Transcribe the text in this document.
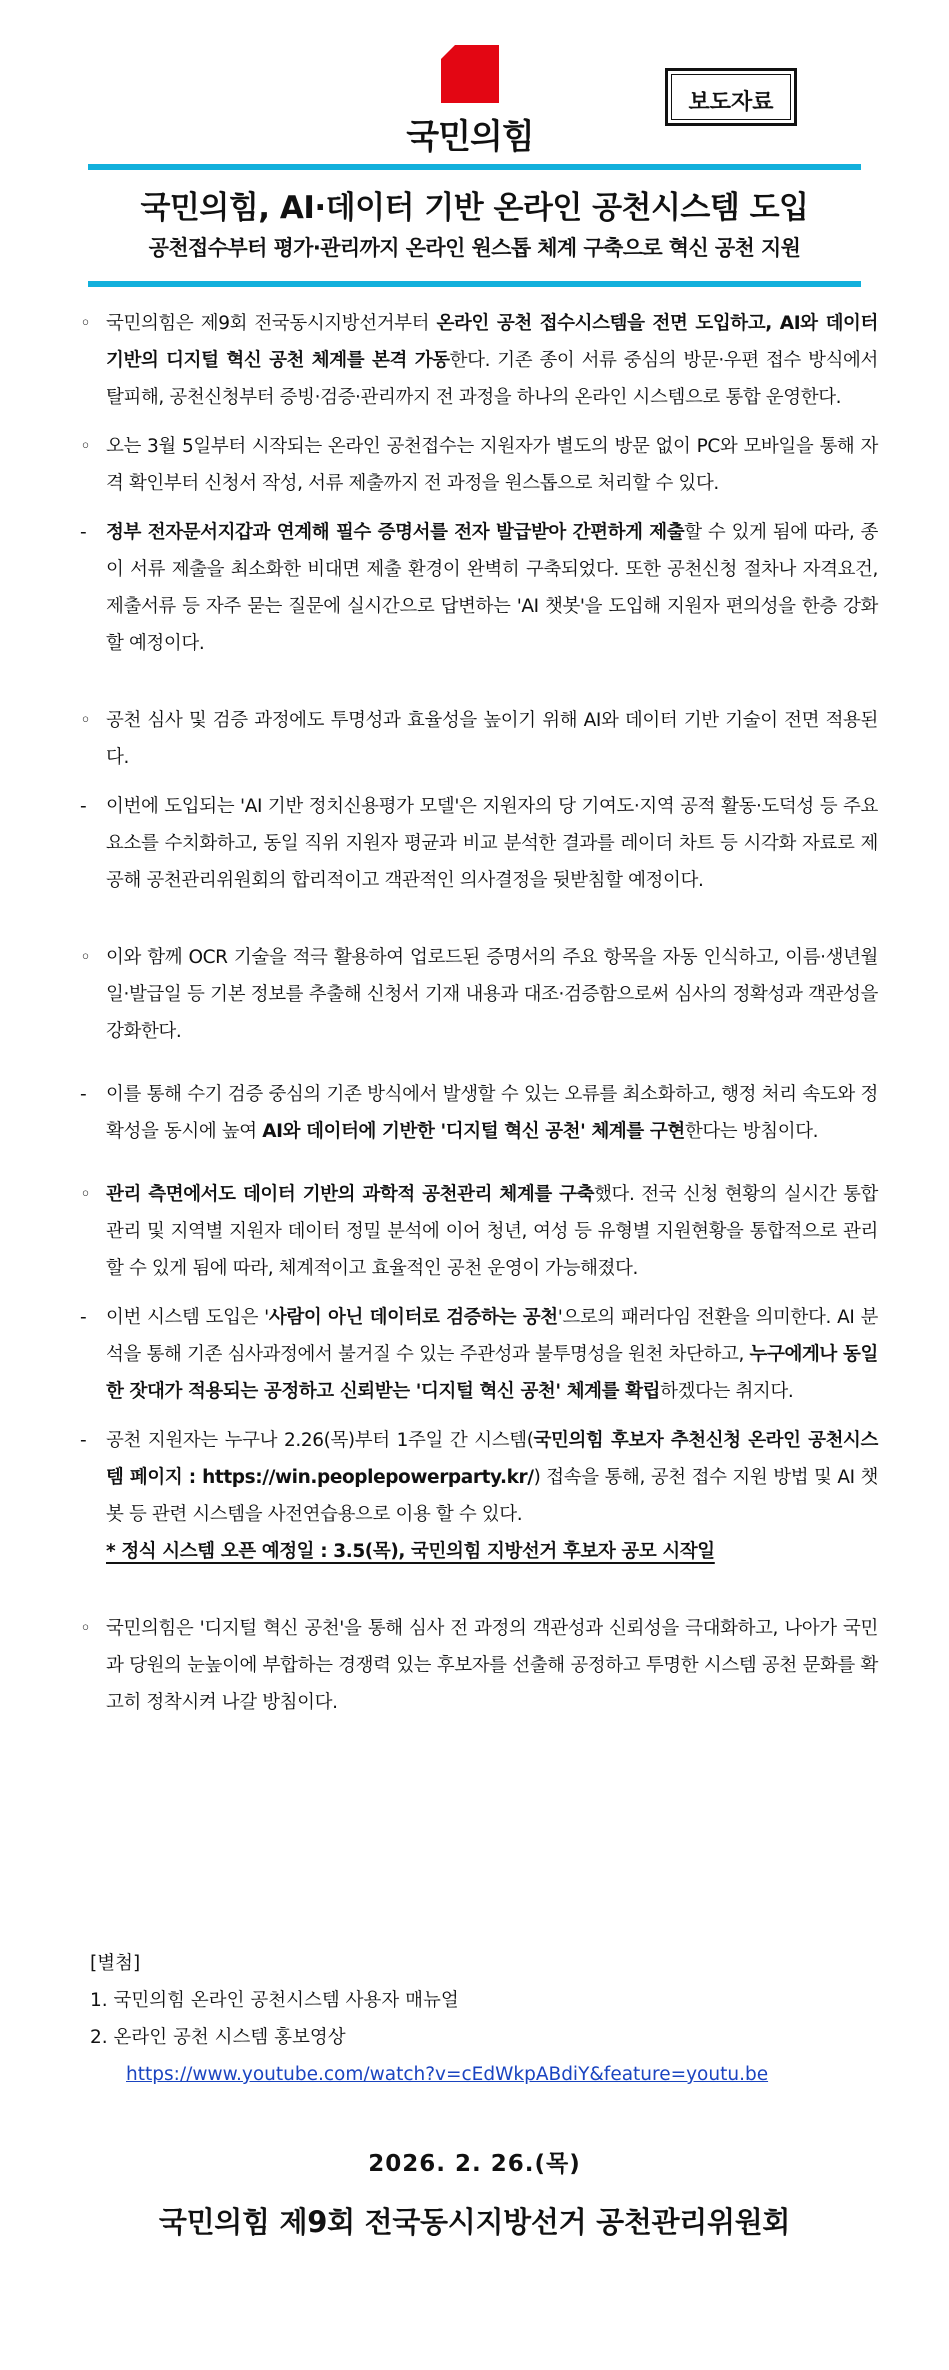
국민의힘
보도자료
국민의힘, AI·데이터 기반 온라인 공천시스템 도입
공천접수부터 평가·관리까지 온라인 원스톱 체계 구축으로 혁신 공천 지원
◦ 국민의힘은 제9회 전국동시지방선거부터 온라인 공천 접수시스템을 전면 도입하고, AI와 데이터 기반의 디지털 혁신 공천 체계를 본격 가동한다. 기존 종이 서류 중심의 방문·우편 접수 방식에서 탈피해, 공천신청부터 증빙·검증·관리까지 전 과정을 하나의 온라인 시스템으로 통합 운영한다.
◦ 오는 3월 5일부터 시작되는 온라인 공천접수는 지원자가 별도의 방문 없이 PC와 모바일을 통해 자격 확인부터 신청서 작성, 서류 제출까지 전 과정을 원스톱으로 처리할 수 있다.
- 정부 전자문서지갑과 연계해 필수 증명서를 전자 발급받아 간편하게 제출할 수 있게 됨에 따라, 종이 서류 제출을 최소화한 비대면 제출 환경이 완벽히 구축되었다. 또한 공천신청 절차나 자격요건, 제출서류 등 자주 묻는 질문에 실시간으로 답변하는 'AI 챗봇'을 도입해 지원자 편의성을 한층 강화할 예정이다.
◦ 공천 심사 및 검증 과정에도 투명성과 효율성을 높이기 위해 AI와 데이터 기반 기술이 전면 적용된다.
- 이번에 도입되는 'AI 기반 정치신용평가 모델'은 지원자의 당 기여도·지역 공적 활동·도덕성 등 주요 요소를 수치화하고, 동일 직위 지원자 평균과 비교 분석한 결과를 레이더 차트 등 시각화 자료로 제공해 공천관리위원회의 합리적이고 객관적인 의사결정을 뒷받침할 예정이다.
◦ 이와 함께 OCR 기술을 적극 활용하여 업로드된 증명서의 주요 항목을 자동 인식하고, 이름·생년월일·발급일 등 기본 정보를 추출해 신청서 기재 내용과 대조·검증함으로써 심사의 정확성과 객관성을 강화한다.
- 이를 통해 수기 검증 중심의 기존 방식에서 발생할 수 있는 오류를 최소화하고, 행정 처리 속도와 정확성을 동시에 높여 AI와 데이터에 기반한 '디지털 혁신 공천' 체계를 구현한다는 방침이다.
◦ 관리 측면에서도 데이터 기반의 과학적 공천관리 체계를 구축했다. 전국 신청 현황의 실시간 통합 관리 및 지역별 지원자 데이터 정밀 분석에 이어 청년, 여성 등 유형별 지원현황을 통합적으로 관리할 수 있게 됨에 따라, 체계적이고 효율적인 공천 운영이 가능해졌다.
- 이번 시스템 도입은 '사람이 아닌 데이터로 검증하는 공천'으로의 패러다임 전환을 의미한다. AI 분석을 통해 기존 심사과정에서 불거질 수 있는 주관성과 불투명성을 원천 차단하고, 누구에게나 동일한 잣대가 적용되는 공정하고 신뢰받는 '디지털 혁신 공천' 체계를 확립하겠다는 취지다.
- 공천 지원자는 누구나 2.26(목)부터 1주일 간 시스템(국민의힘 후보자 추천신청 온라인 공천시스템 페이지 : https://win.peoplepowerparty.kr/) 접속을 통해, 공천 접수 지원 방법 및 AI 챗봇 등 관련 시스템을 사전연습용으로 이용 할 수 있다.
* 정식 시스템 오픈 예정일 : 3.5(목), 국민의힘 지방선거 후보자 공모 시작일
◦ 국민의힘은 '디지털 혁신 공천'을 통해 심사 전 과정의 객관성과 신뢰성을 극대화하고, 나아가 국민과 당원의 눈높이에 부합하는 경쟁력 있는 후보자를 선출해 공정하고 투명한 시스템 공천 문화를 확고히 정착시켜 나갈 방침이다.
[별첨]
1. 국민의힘 온라인 공천시스템 사용자 매뉴얼
2. 온라인 공천 시스템 홍보영상
https://www.youtube.com/watch?v=cEdWkpABdiY&feature=youtu.be
2026. 2. 26.(목)
국민의힘 제9회 전국동시지방선거 공천관리위원회
